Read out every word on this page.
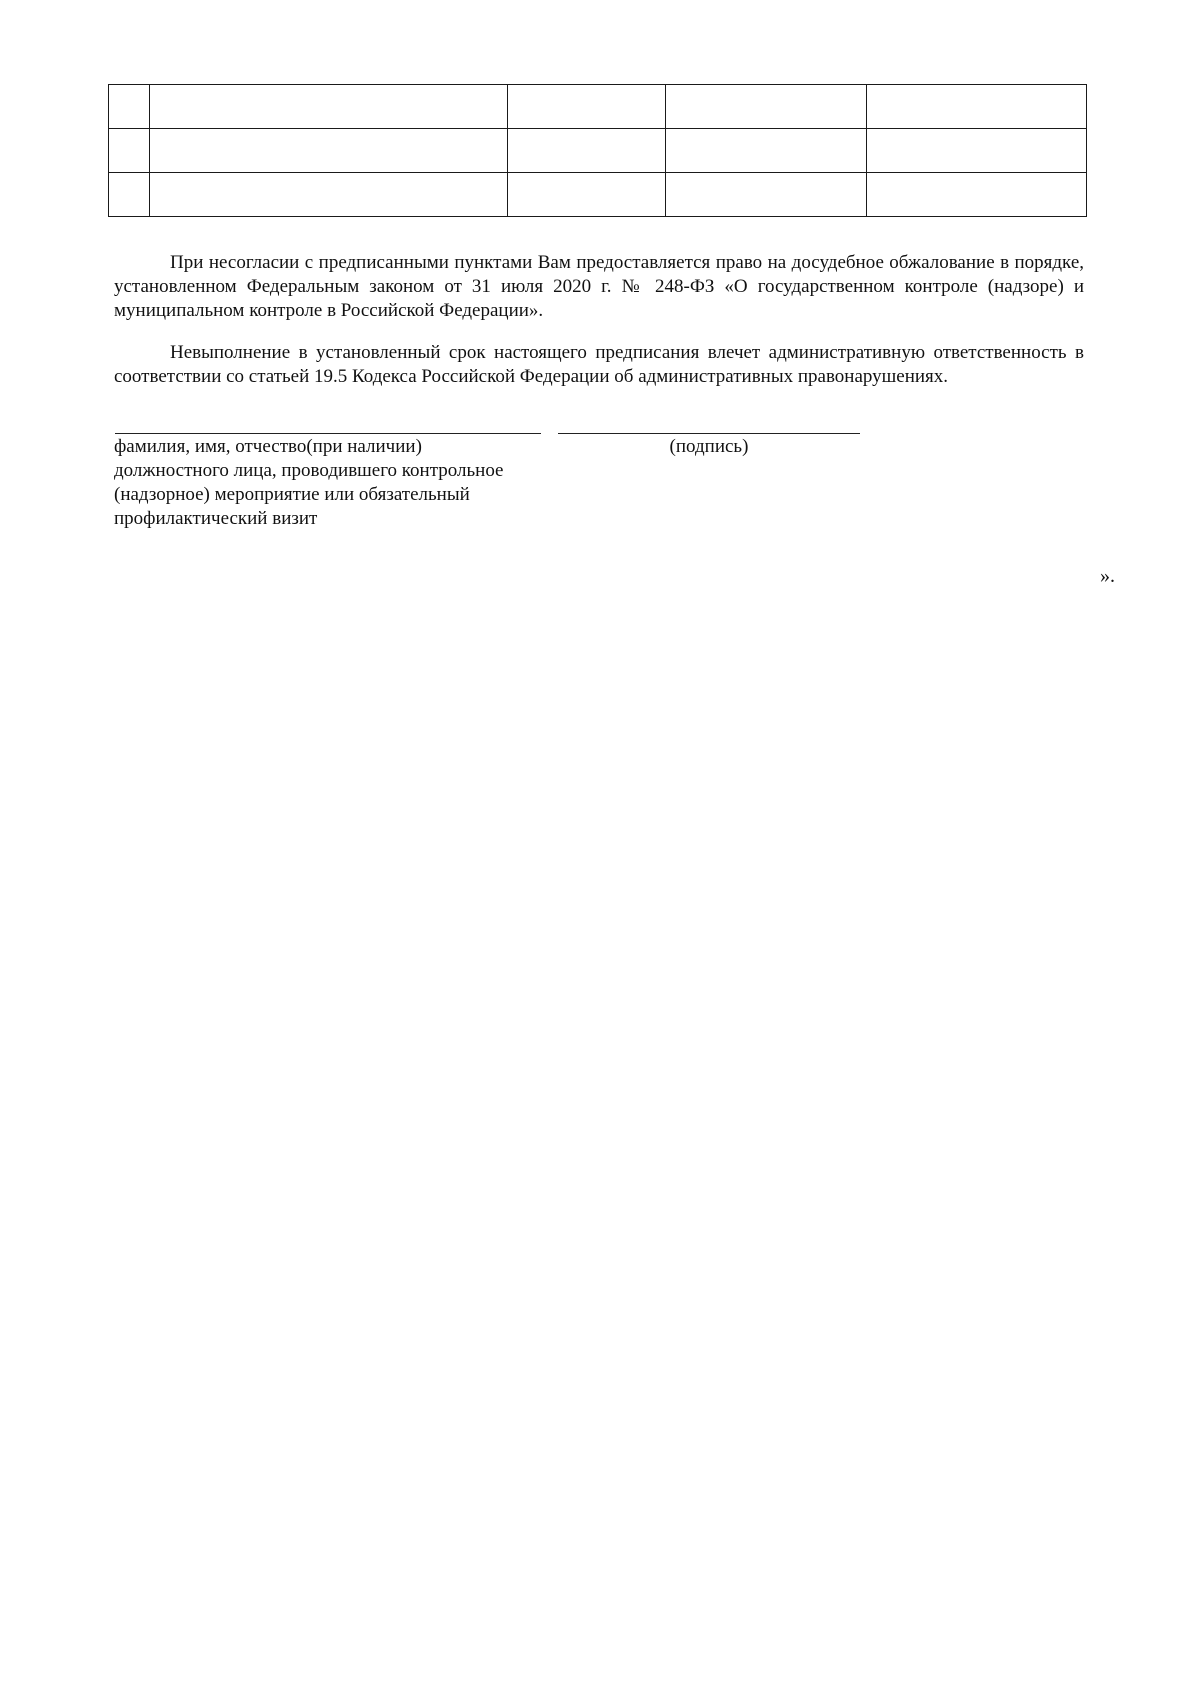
При несогласии с предписанными пунктами Вам предоставляется право на досудебное обжалование в порядке, установленном Федеральным законом от 31 июля 2020 г. № 248-ФЗ «О государственном контроле (надзоре) и муниципальном контроле в Российской Федерации».
Невыполнение в установленный срок настоящего предписания влечет административную ответственность в соответствии со статьей 19.5 Кодекса Российской Федерации об административных правонарушениях.
фамилия, имя, отчество(при наличии)
должностного лица, проводившего контрольное
(надзорное) мероприятие или обязательный
профилактический визит
(подпись)
».
